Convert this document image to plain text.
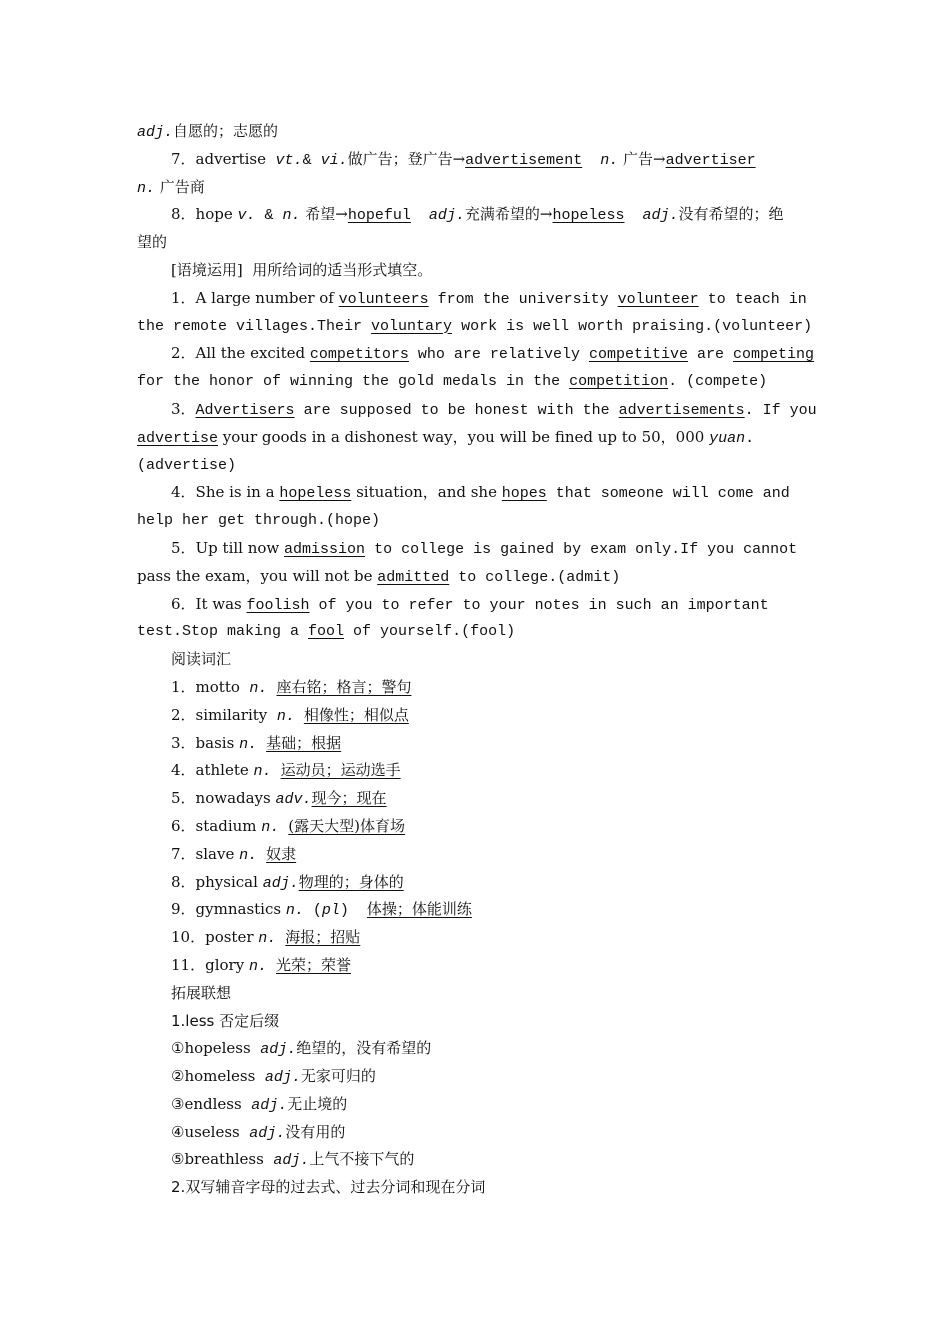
adj.自愿的；志愿的
7．advertise  vt.& vi.做广告；登广告→advertisement n. 广告→advertiser
n. 广告商
8．hope v. & n. 希望→hopeful adj.充满希望的→hopeless adj.没有希望的；绝
望的
[语境运用]  用所给词的适当形式填空。
1．A large number of volunteers from the university volunteer to teach in
the remote villages.Their voluntary work is well worth praising.(volunteer)
2．All the excited competitors who are relatively competitive are competing
for the honor of winning the gold medals in the competition. (compete)
3．Advertisers are supposed to be honest with the advertisements. If you
advertise your goods in a dishonest way，you will be fined up to 50，000 yuan.
(advertise)
4．She is in a hopeless situation，and she hopes that someone will come and
help her get through.(hope)
5．Up till now admission to college is gained by exam only.If you cannot
pass the exam，you will not be admitted to college.(admit)
6．It was foolish of you to refer to your notes in such an important
test.Stop making a fool of yourself.(fool)
阅读词汇
1．motto  n. 座右铭；格言；警句
2．similarity  n. 相像性；相似点
3．basis n. 基础；根据
4．athlete n. 运动员；运动选手
5．nowadays adv.现今；现在
6．stadium n. (露天大型)体育场
7．slave n. 奴隶
8．physical adj.物理的；身体的
9．gymnastics n. (pl)  体操；体能训练
10．poster n. 海报；招贴
11．glory n. 光荣；荣誉
拓展联想
1.less 否定后缀
①hopeless  adj.绝望的，没有希望的
②homeless  adj.无家可归的
③endless  adj.无止境的
④useless  adj.没有用的
⑤breathless  adj.上气不接下气的
2.双写辅音字母的过去式、过去分词和现在分词
